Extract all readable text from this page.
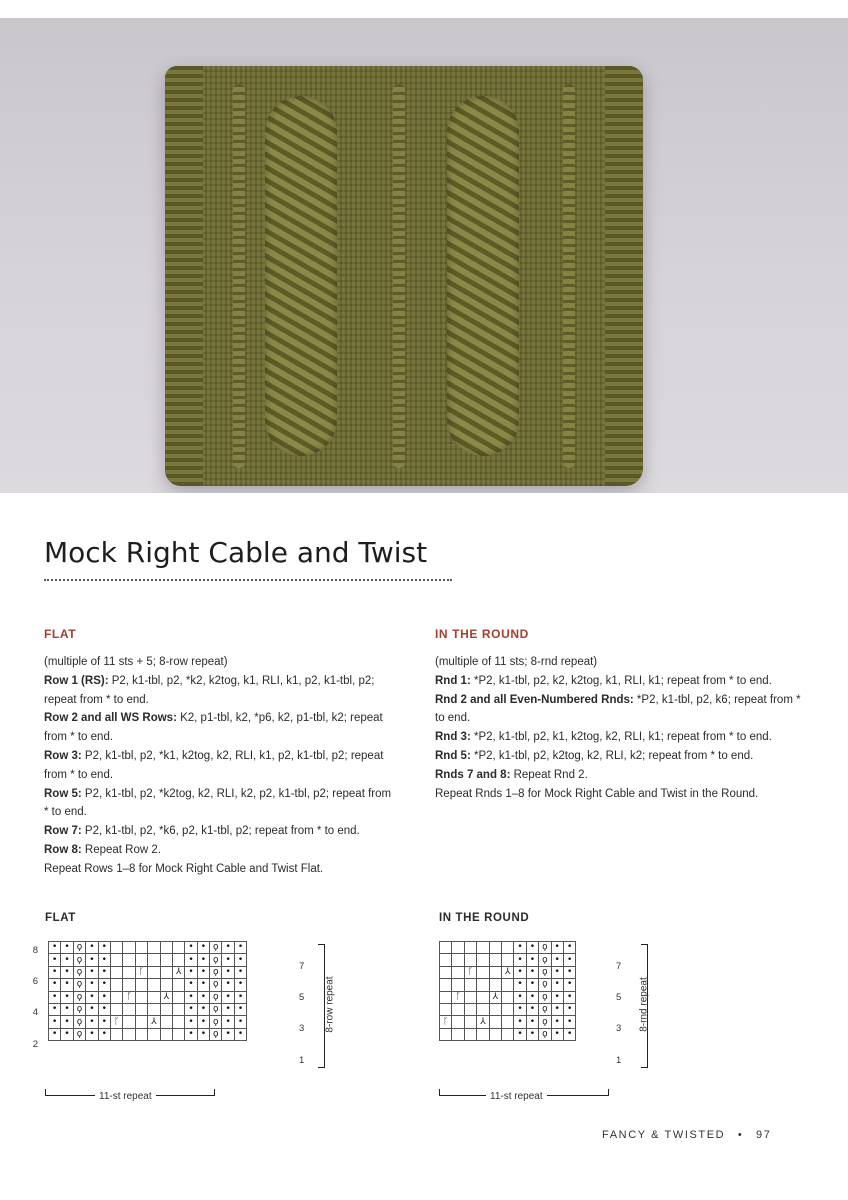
Mock Right Cable and Twist
FLAT

(multiple of 11 sts + 5; 8-row repeat)

Row 1 (RS): P2, k1-tbl, p2, *k2, k2tog, k1, RLI, k1, p2, k1-tbl, p2; repeat from * to end.

Row 2 and all WS Rows: K2, p1-tbl, k2, *p6, k2, p1-tbl, k2; repeat from * to end.

Row 3: P2, k1-tbl, p2, *k1, k2tog, k2, RLI, k1, p2, k1-tbl, p2; repeat from * to end.

Row 5: P2, k1-tbl, p2, *k2tog, k2, RLI, k2, p2, k1-tbl, p2; repeat from * to end.

Row 7: P2, k1-tbl, p2, *k6, p2, k1-tbl, p2; repeat from * to end.

Row 8: Repeat Row 2.

Repeat Rows 1–8 for Mock Right Cable and Twist Flat.

IN THE ROUND

(multiple of 11 sts; 8-rnd repeat)

Rnd 1: *P2, k1-tbl, p2, k2, k2tog, k1, RLI, k1; repeat from * to end.

Rnd 2 and all Even-Numbered Rnds: *P2, k1-tbl, p2, k6; repeat from * to end.

Rnd 3: *P2, k1-tbl, p2, k1, k2tog, k2, RLI, k1; repeat from * to end.

Rnd 5: *P2, k1-tbl, p2, k2tog, k2, RLI, k2; repeat from * to end.

Rnds 7 and 8: Repeat Rnd 2.

Repeat Rnds 1–8 for Mock Right Cable and Twist in the Round.

FLAT
•	•	ϙ	•	•							•	•	ϙ	•	•
•	•	ϙ	•	•							•	•	ϙ	•	•
•	•	ϙ	•	•			ᚴ			⅄	•	•	ϙ	•	•
•	•	ϙ	•	•							•	•	ϙ	•	•
•	•	ϙ	•	•		ᚴ			⅄		•	•	ϙ	•	•
•	•	ϙ	•	•							•	•	ϙ	•	•
•	•	ϙ	•	•	ᚴ			⅄			•	•	ϙ	•	•
•	•	ϙ	•	•							•	•	ϙ	•	•
IN THE ROUND
						•	•	ϙ	•	•
						•	•	ϙ	•	•
		ᚴ			⅄	•	•	ϙ	•	•
						•	•	ϙ	•	•
	ᚴ			⅄		•	•	ϙ	•	•
						•	•	ϙ	•	•
ᚴ			⅄			•	•	ϙ	•	•
						•	•	ϙ	•	•
8
6
4
2
7
5
3
1
8-row repeat
11-st repeat
7
5
3
1
8-rnd repeat
11-st repeat
FANCY & TWISTED • 97
